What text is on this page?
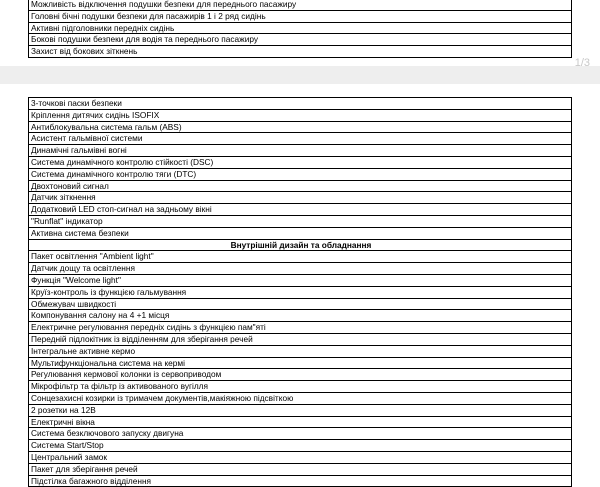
Можливість відключення подушки безпеки для переднього пасажиру
Головні бічні подушки безпеки для пасажирів 1 і 2 ряд сидінь
Активні підголовники передніх сидінь
Бокові подушки безпеки для водія та переднього пасажиру
Захист від бокових зіткнень
1/3
3-точкові паски безпеки
Кріплення дитячих сидінь ISOFIX
Антиблокувальна система гальм (ABS)
Асистент гальмівної системи
Динамічні гальмівні вогні
Система динамічного контролю стійкості (DSC)
Система динамічного контролю тяги (DTC)
Двохтоновий сигнал
Датчик зіткнення
Додатковий LED стоп-сигнал на задньому вікні
"Runflat" індикатор
Активна система безпеки
Внутрішній дизайн та обладнання
Пакет освітлення "Ambient light"
Датчик дощу та освітлення
Функція "Welcome light"
Круїз-контроль із функцією гальмування
Обмежувач швидкості
Компонування салону на 4 +1 місця
Електричне регулювання передніх сидінь з функцією пам"яті
Передній підлокітник із відділенням для зберігання речей
Інтегральне активне кермо
Мультифункціональна система на кермі
Регулювання кермової колонки із сервоприводом
Мікрофільтр та фільтр із активованого вугілля
Сонцезахисні козирки із тримачем документів,макіяжною підсвіткою
2 розетки на 12В
Електричні вікна
Система безключового запуску двигуна
Система Start/Stop
Центральний замок
Пакет для зберігання речей
Підстілка багажного відділення
